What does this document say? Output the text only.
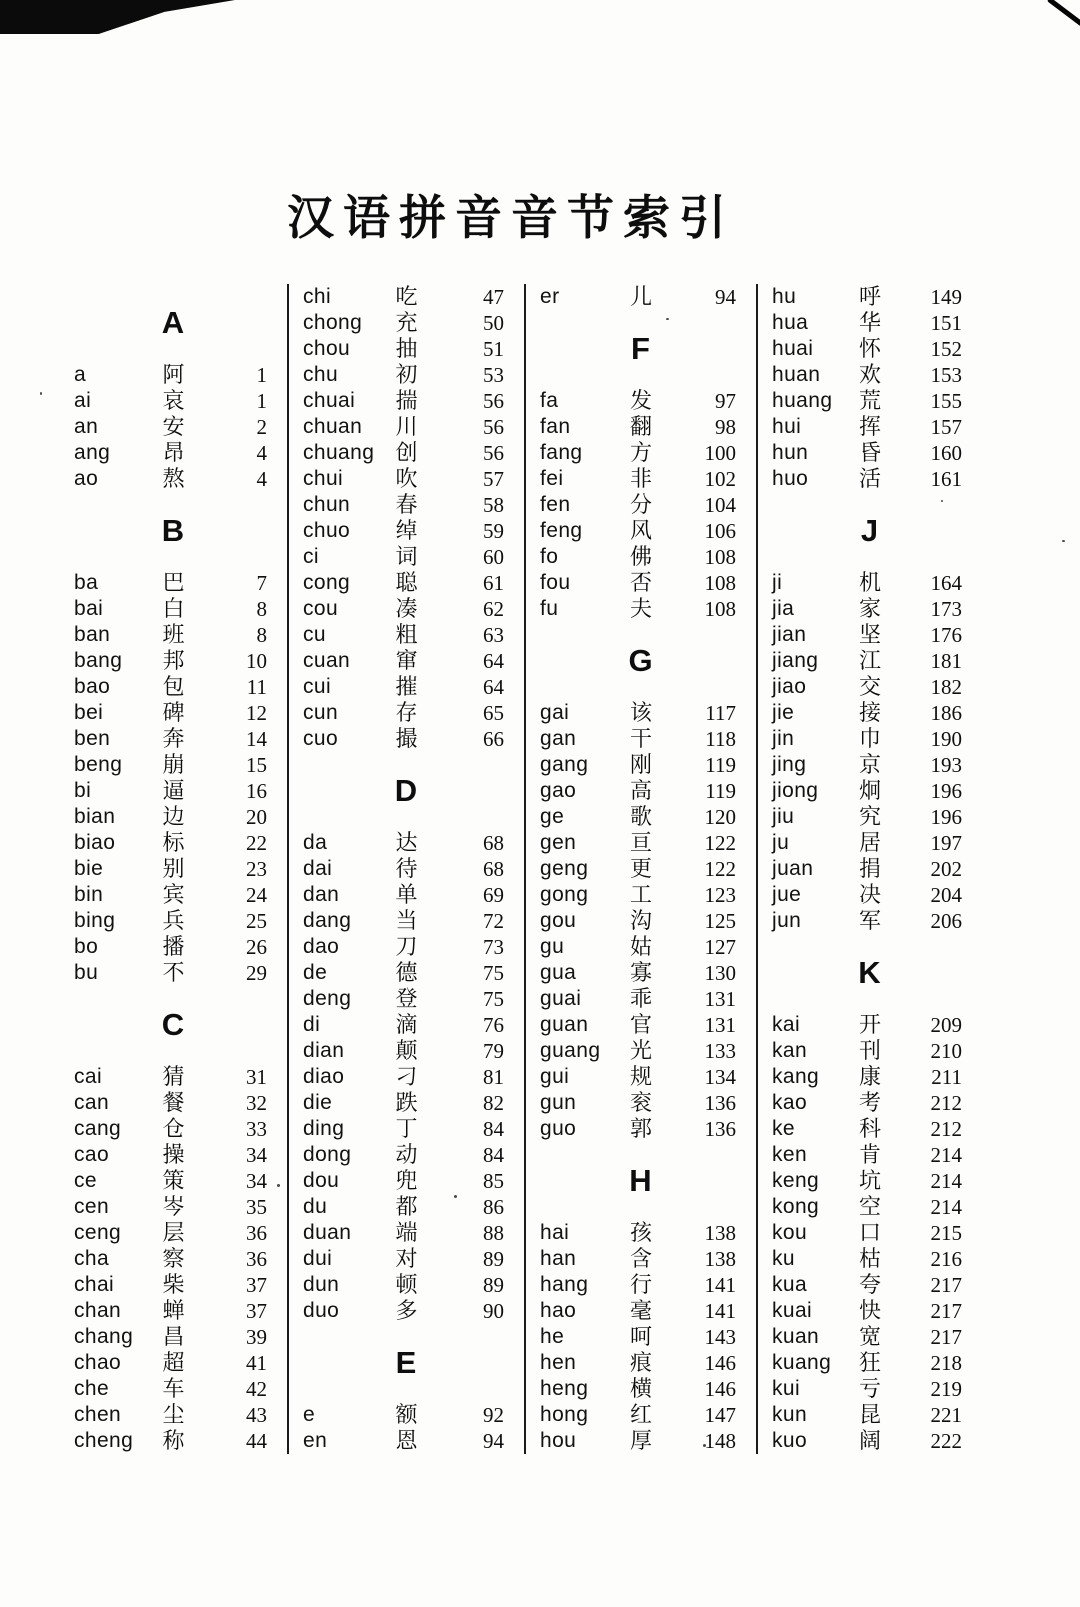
汉语拼音音节索引
A
a	阿	1
ai	哀	1
an	安	2
ang 昂	4
ao	熬	4
B
ba	巴	7
bai	白	8
ban 班	8
bang 邦	10
bao 包	11
bei	碑	12
ben 奔	14
beng 崩	15
bi	逼	16
bian 边	20
biao 标	22
bie	别	23
bin	宾	24
bing 兵	25
bo	播	26
bu	不	29
C
cai	猜	31
can 餐	32
cang 仓	33
cao 操	34
ce	策	34
cen 岑	35
ceng 层	36
cha 察	36
chai 柴	37
chan 蝉	37
chang 昌	39
chao 超	41
che 车	42
chen 尘	43
cheng 称	44
chi	吃	47
chong 充	50
chou 抽	51
chu	初	53
chuai 揣	56
chuan 川	56
chuang 创	56
chui 吹	57
chun 春	58
chuo 绰	59
ci	词	60
cong 聪	61
cou	凑	62
cu	粗	63
cuan 窜	64
cui	摧	64
cun	存	65
cuo	撮	66
D
da	达	68
dai	待	68
dan	单	69
dang 当	72
dao	刀	73
de	德	75
deng 登	75
di	滴	76
dian 颠	79
diao 刁	81
die	跌	82
ding 丁	84
dong 动	84
dou	兜	85
du	都	86
duan 端	88
dui	对	89
dun	顿	89
duo	多	90
E
e	额	92
en	恩	94
er	儿	94
F
fa	发	97
fan	翻	98
fang 方 100
fei	非 102
fen	分 104
feng 风 106
fo	佛 108
fou	否 108
fu	夫 108
G
gai	该	117
gan 干	118
gang 刚	119
gao 高	119
ge	歌 120
gen 亘 122
geng 更 122
gong 工 123
gou 沟 125
gu	姑 127
gua 寡 130
guai 乖 131
guan 官 131
guang 光 133
gui	规 134
gun 衮 136
guo 郭 136
H
hai	孩 138
han 含 138
hang 行 141
hao 毫 141
he	呵 143
hen 痕 146
heng 横 146
hong 红 147
hou 厚 148
hu	呼 149
hua 华 151
huai 怀 152
huan 欢 153
huang 荒 155
hui	挥 157
hun 昏 160
huo 活 161
J
ji	机 164
jia	家 173
jian 坚 176
jiang 江 181
jiao 交 182
jie	接 186
jin	巾 190
jing 京 193
jiong 炯 196
jiu	究 196
ju	居 197
juan 捐 202
jue	决 204
jun	军 206
K
kai	开 209
kan 刊 210
kang 康 211
kao 考 212
ke	科 212
ken 肯 214
keng 坑 214
kong 空 214
kou 口 215
ku	枯 216
kua 夸 217
kuai 快 217
kuan 宽 217
kuang 狂 218
kui	亏 219
kun 昆 221
kuo 阔 222
